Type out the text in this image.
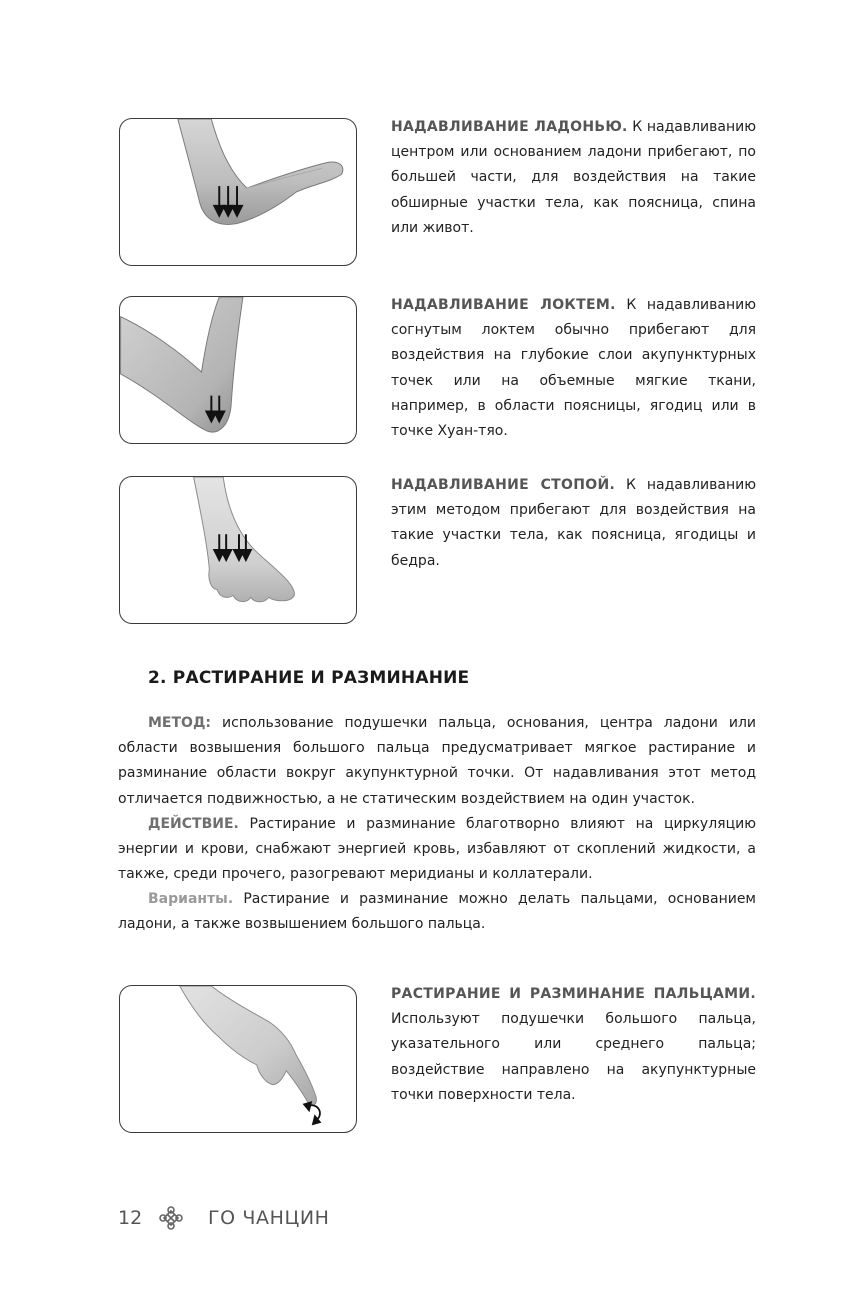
НАДАВЛИВАНИЕ ЛАДОНЬЮ. К надавливанию центром или основанием ладони прибегают, по большей части, для воздействия на такие обширные участки тела, как поясница, спина или живот.
НАДАВЛИВАНИЕ ЛОКТЕМ. К надавливанию согнутым локтем обычно прибегают для воздействия на глубокие слои акупунктурных точек или на объемные мягкие ткани, например, в области поясницы, ягодиц или в точке Хуан-тяо.
НАДАВЛИВАНИЕ СТОПОЙ. К надавливанию этим методом прибегают для воздействия на такие участки тела, как поясница, ягодицы и бедра.
2. РАСТИРАНИЕ И РАЗМИНАНИЕ

МЕТОД: использование подушечки пальца, основания, центра ладони или области возвышения большого пальца предусматривает мягкое растирание и разминание области вокруг акупунктурной точки. От надавливания этот метод отличается подвижностью, а не статическим воздействием на один участок.

ДЕЙСТВИЕ. Растирание и разминание благотворно влияют на циркуляцию энергии и крови, снабжают энергией кровь, избавляют от скоплений жидкости, а также, среди прочего, разогревают меридианы и коллатерали.

Варианты. Растирание и разминание можно делать пальцами, основанием ладони, а также возвышением большого пальца.

РАСТИРАНИЕ И РАЗМИНАНИЕ ПАЛЬЦАМИ. Используют подушечки большого пальца, указательного или среднего пальца; воздействие направлено на акупунктурные точки поверхности тела.
12	ГО ЧАНЦИН
